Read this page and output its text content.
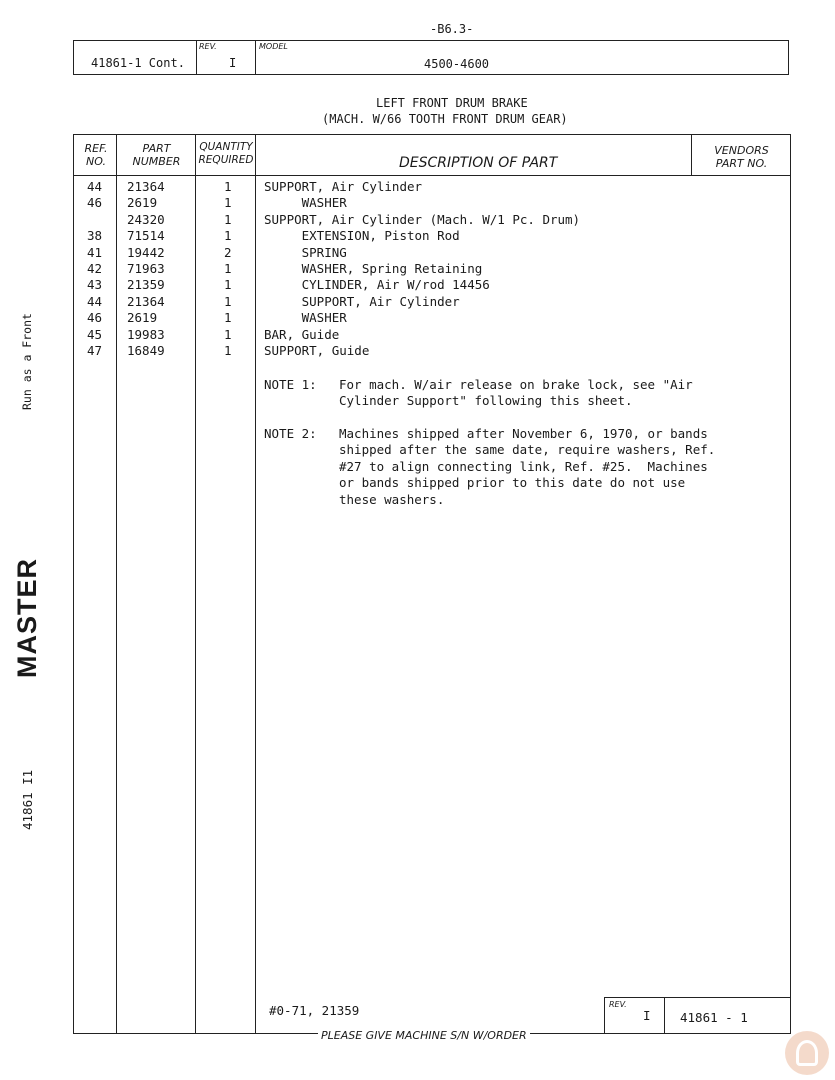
-B6.3-
41861-1 Cont.
REV.
I
MODEL
4500-4600
LEFT FRONT DRUM BRAKE
(MACH. W/66 TOOTH FRONT DRUM GEAR)
REF. NO.
PART NUMBER
QUANTITY REQUIRED	DESCRIPTION OF PART
VENDORS PART NO.
44 21364	1	SUPPORT, Air Cylinder
46 2619	1	WASHER
24320	1	SUPPORT, Air Cylinder (Mach. W/1 Pc. Drum)
38 71514	1	EXTENSION, Piston Rod
41 19442	2	SPRING
42 71963	1	WASHER, Spring Retaining
43 21359	1	CYLINDER, Air W/rod 14456
44 21364	1	SUPPORT, Air Cylinder
46 2619	1	WASHER
45 19983	1	BAR, Guide
47 16849	1	SUPPORT, Guide
NOTE 1: For mach. W/air release on brake lock, see "Air
Cylinder Support" following this sheet.
NOTE 2: Machines shipped after November 6, 1970, or bands
shipped after the same date, require washers, Ref.
#27 to align connecting link, Ref. #25.  Machines
or bands shipped prior to this date do not use
these washers.
#0-71, 21359	REV.
I 41861 - 1
PLEASE GIVE MACHINE S/N W/ORDER
Run as a Front
MASTER
41861 I1
